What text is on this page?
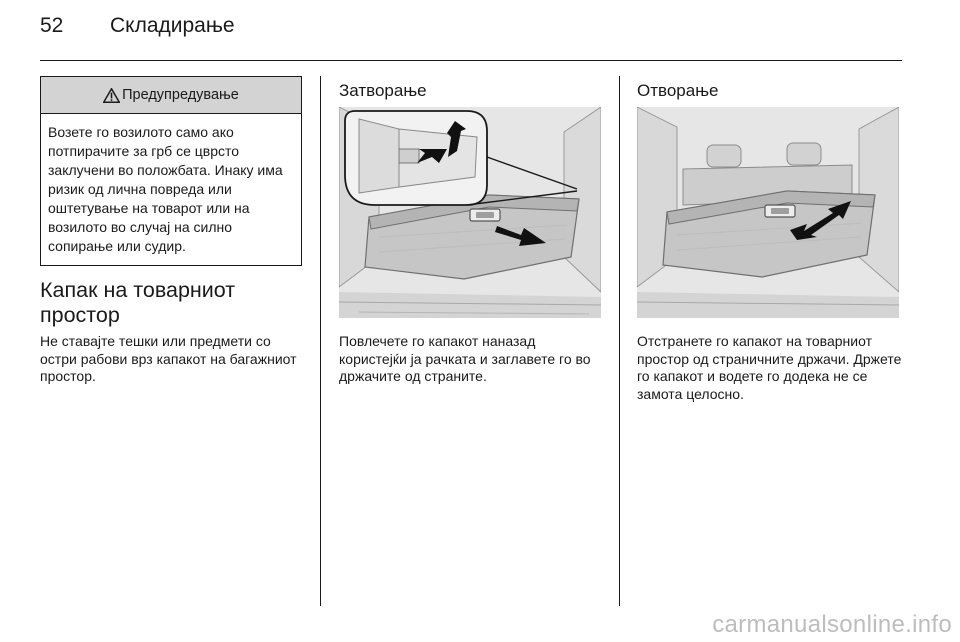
52 Складирање
Предупредување
Возете го возилото само ако потпирачите за грб се цврсто заклучени во положбата. Инаку има ризик од лична повреда или оштетување на товарот или на возилото во случај на силно сопирање или судир.
Капак на товарниот простор
Не ставајте тешки или предмети со остри рабови врз капакот на багажниот простор.
Затворање
Повлечете го капакот наназад користејќи ја рачката и заглавете го во држачите од страните.
Отворање
Отстранете го капакот на товарниот простор од страничните држачи. Држете го капакот и водете го додека не се замота целосно.
carmanualsonline.info
